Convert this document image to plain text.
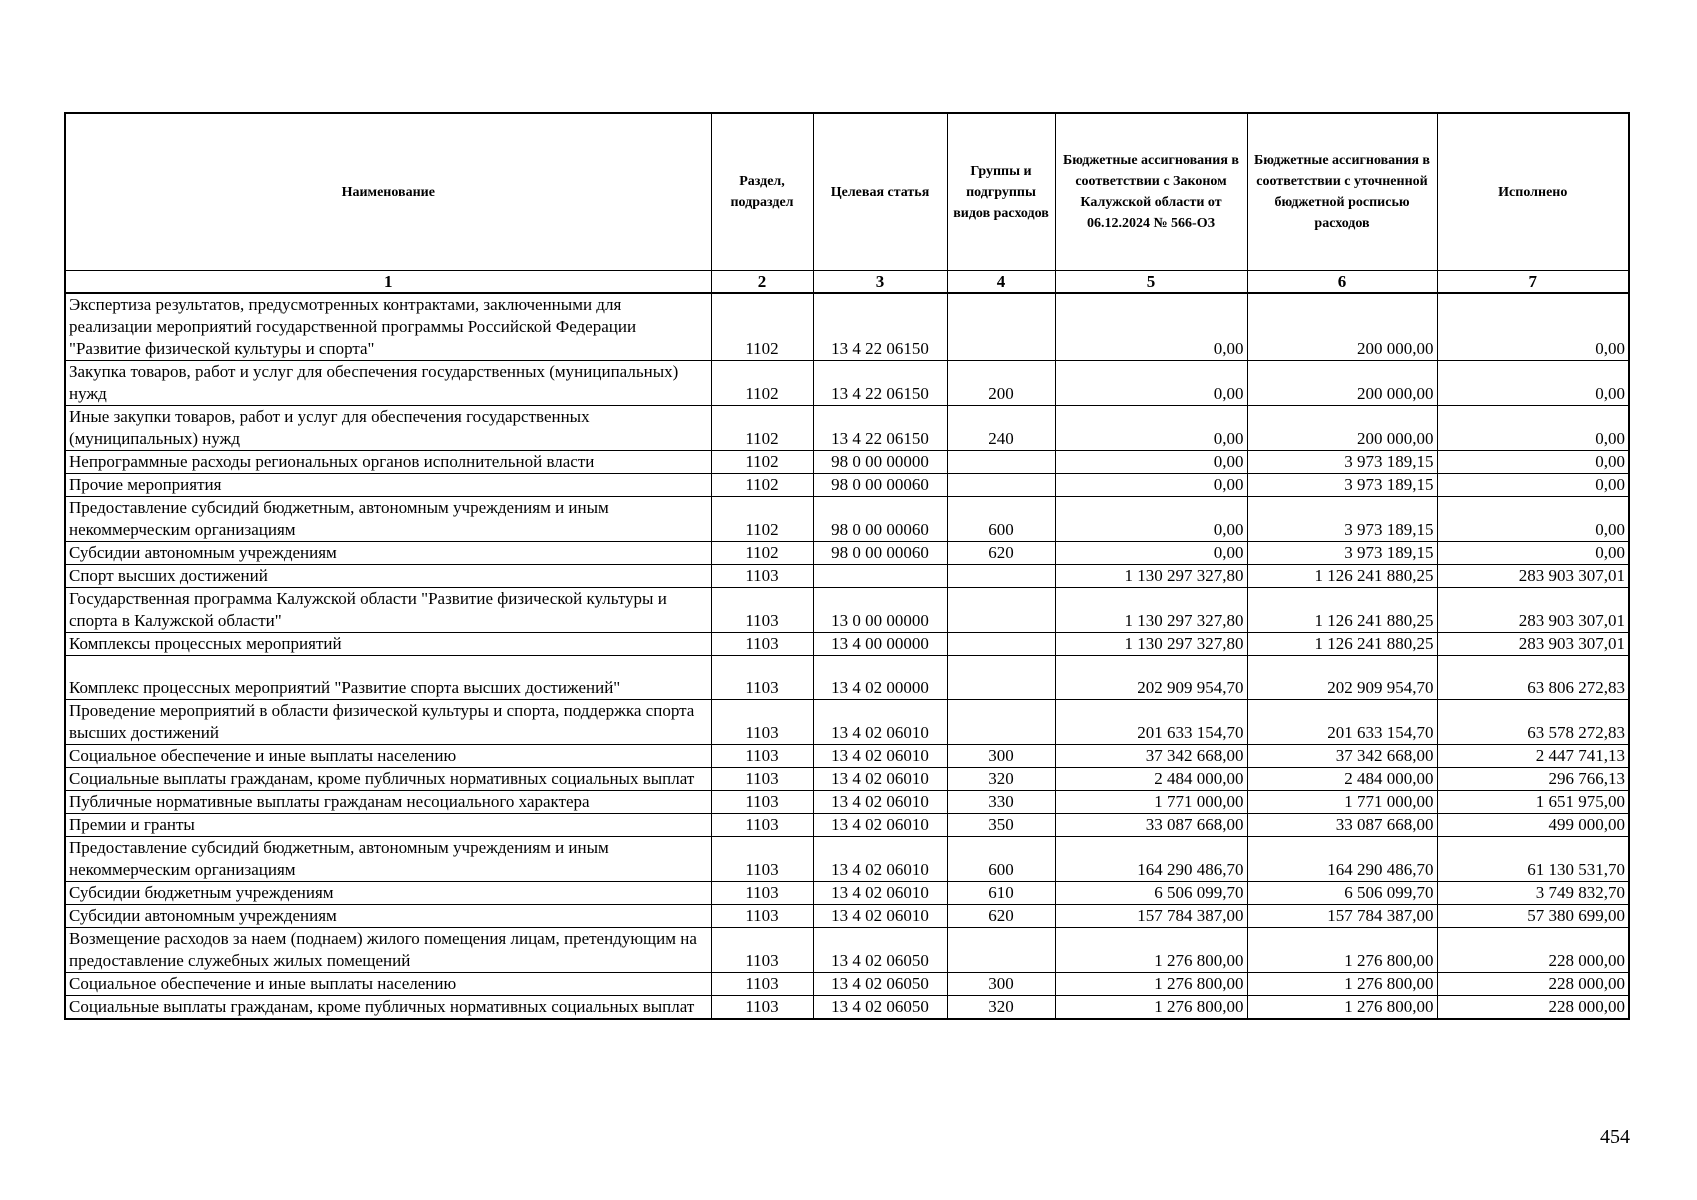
Наименование	Раздел, подраздел	Целевая статья	Группы и подгруппы видов расходов	Бюджетные ассигнования в соответствии с Законом Калужской области от 06.12.2024 № 566-ОЗ	Бюджетные ассигнования в соответствии с уточненной бюджетной росписью расходов	Исполнено
1	2	3	4	5	6	7
Экспертиза результатов, предусмотренных контрактами, заключенными для реализации мероприятий государственной программы Российской Федерации "Развитие физической культуры и спорта"	1102	13 4 22 06150		0,00	200 000,00	0,00
Закупка товаров, работ и услуг для обеспечения государственных (муниципальных) нужд	1102	13 4 22 06150	200	0,00	200 000,00	0,00
Иные закупки товаров, работ и услуг для обеспечения государственных (муниципальных) нужд	1102	13 4 22 06150	240	0,00	200 000,00	0,00
Непрограммные расходы региональных органов исполнительной власти	1102	98 0 00 00000		0,00	3 973 189,15	0,00
Прочие мероприятия	1102	98 0 00 00060		0,00	3 973 189,15	0,00
Предоставление субсидий бюджетным, автономным учреждениям и иным некоммерческим организациям	1102	98 0 00 00060	600	0,00	3 973 189,15	0,00
Субсидии автономным учреждениям	1102	98 0 00 00060	620	0,00	3 973 189,15	0,00
Спорт высших достижений	1103			1 130 297 327,80	1 126 241 880,25	283 903 307,01
Государственная программа Калужской области "Развитие физической культуры и спорта в Калужской области"	1103	13 0 00 00000		1 130 297 327,80	1 126 241 880,25	283 903 307,01
Комплексы процессных мероприятий	1103	13 4 00 00000		1 130 297 327,80	1 126 241 880,25	283 903 307,01
Комплекс процессных мероприятий "Развитие спорта высших достижений"	1103	13 4 02 00000		202 909 954,70	202 909 954,70	63 806 272,83
Проведение мероприятий в области физической культуры и спорта, поддержка спорта высших достижений	1103	13 4 02 06010		201 633 154,70	201 633 154,70	63 578 272,83
Социальное обеспечение и иные выплаты населению	1103	13 4 02 06010	300	37 342 668,00	37 342 668,00	2 447 741,13
Социальные выплаты гражданам, кроме публичных нормативных социальных выплат	1103	13 4 02 06010	320	2 484 000,00	2 484 000,00	296 766,13
Публичные нормативные выплаты гражданам несоциального характера	1103	13 4 02 06010	330	1 771 000,00	1 771 000,00	1 651 975,00
Премии и гранты	1103	13 4 02 06010	350	33 087 668,00	33 087 668,00	499 000,00
Предоставление субсидий бюджетным, автономным учреждениям и иным некоммерческим организациям	1103	13 4 02 06010	600	164 290 486,70	164 290 486,70	61 130 531,70
Субсидии бюджетным учреждениям	1103	13 4 02 06010	610	6 506 099,70	6 506 099,70	3 749 832,70
Субсидии автономным учреждениям	1103	13 4 02 06010	620	157 784 387,00	157 784 387,00	57 380 699,00
Возмещение расходов за наем (поднаем) жилого помещения лицам, претендующим на предоставление служебных жилых помещений	1103	13 4 02 06050		1 276 800,00	1 276 800,00	228 000,00
Социальное обеспечение и иные выплаты населению	1103	13 4 02 06050	300	1 276 800,00	1 276 800,00	228 000,00
Социальные выплаты гражданам, кроме публичных нормативных социальных выплат	1103	13 4 02 06050	320	1 276 800,00	1 276 800,00	228 000,00
454
